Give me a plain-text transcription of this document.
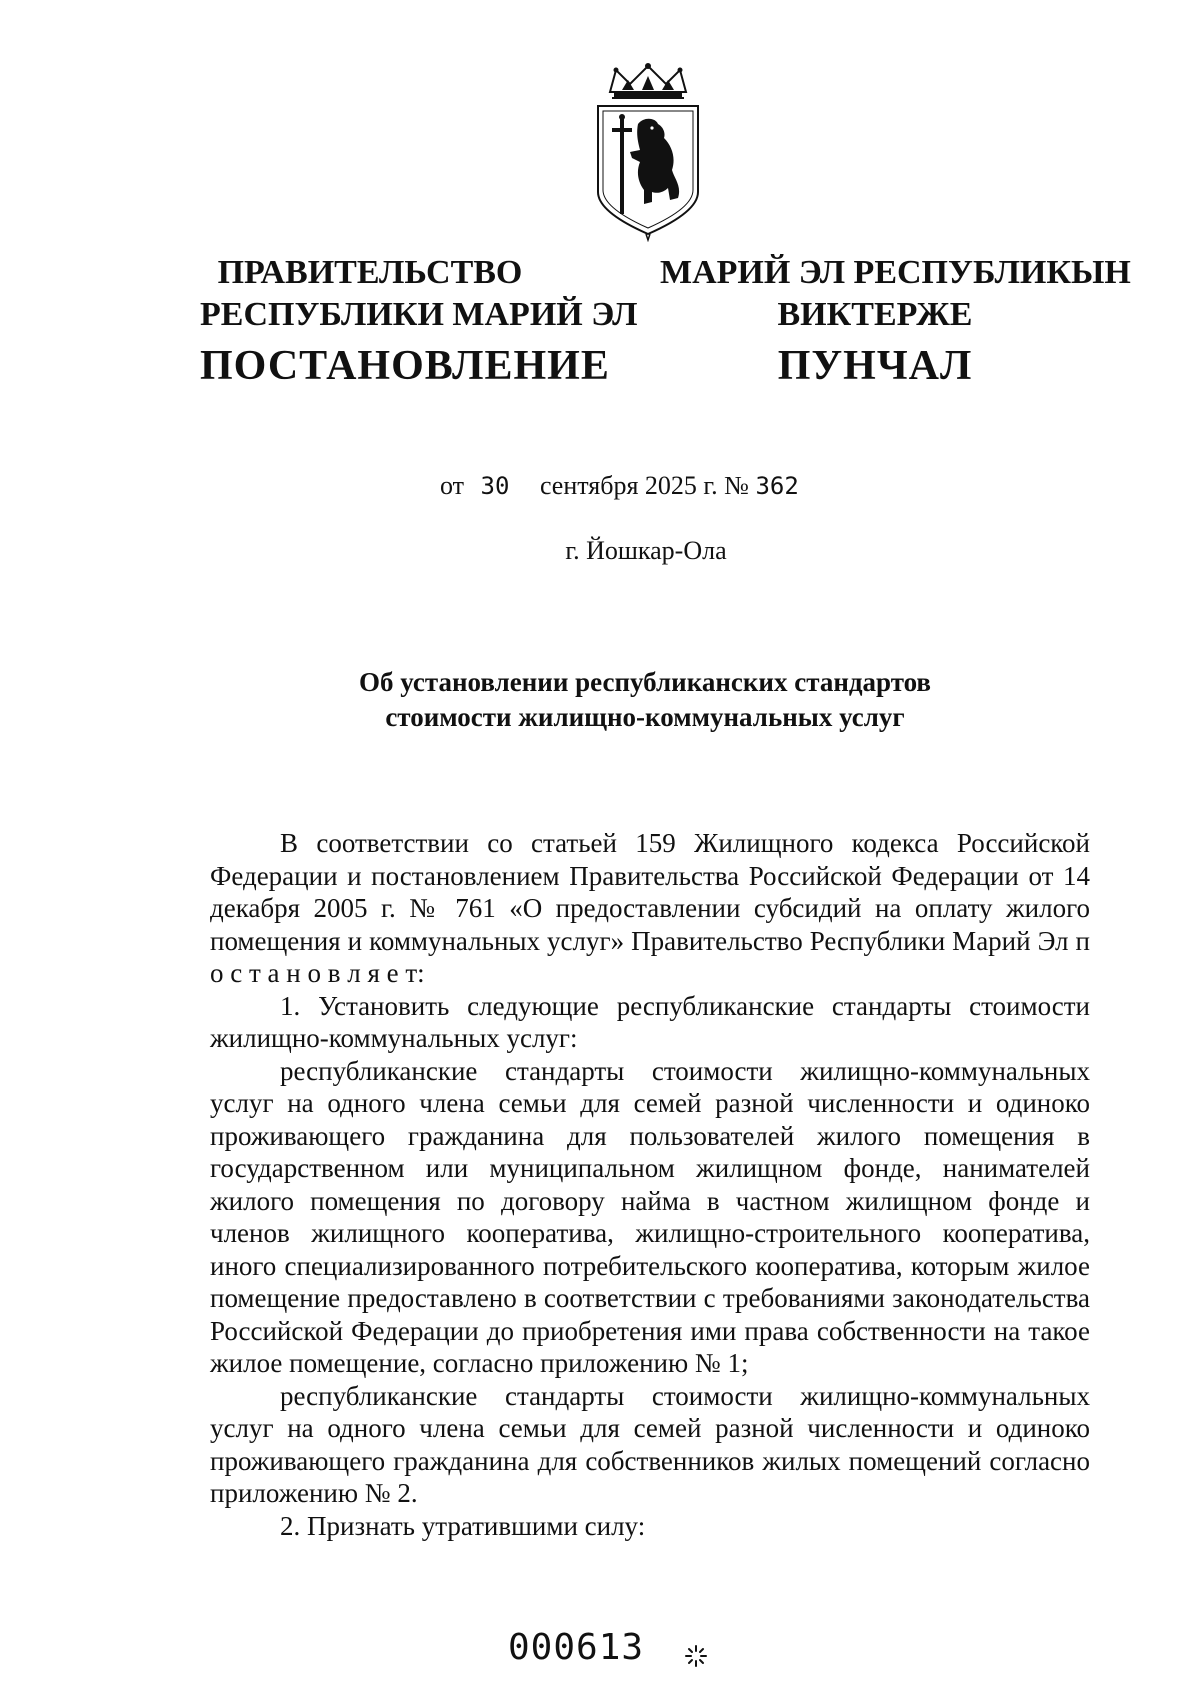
ПРАВИТЕЛЬСТВО
РЕСПУБЛИКИ МАРИЙ ЭЛ
ПОСТАНОВЛЕНИЕ
МАРИЙ ЭЛ РЕСПУБЛИКЫН
ВИКТЕРЖЕ
ПУНЧАЛ
от 30 сентября 2025 г. № 362
г. Йошкар-Ола
Об установлении республиканских стандартов
стоимости жилищно-коммунальных услуг

В соответствии со статьей 159 Жилищного кодекса Российской Федерации и постановлением Правительства Российской Федерации от 14 декабря 2005 г. № 761 «О предоставлении субсидий на оплату жилого помещения и коммунальных услуг» Правительство Республики Марий Эл п о с т а н о в л я е т:

1. Установить следующие республиканские стандарты стоимости жилищно-коммунальных услуг:

республиканские стандарты стоимости жилищно-коммунальных услуг на одного члена семьи для семей разной численности и одиноко проживающего гражданина для пользователей жилого помещения в государственном или муниципальном жилищном фонде, нанимателей жилого помещения по договору найма в частном жилищном фонде и членов жилищного кооператива, жилищно-строительного кооператива, иного специализированного потребительского кооператива, которым жилое помещение предоставлено в соответствии с требованиями законодательства Российской Федерации до приобретения ими права собственности на такое жилое помещение, согласно приложению № 1;

республиканские стандарты стоимости жилищно-коммунальных услуг на одного члена семьи для семей разной численности и одиноко проживающего гражданина для собственников жилых помещений согласно приложению № 2.

2. Признать утратившими силу:

000613
